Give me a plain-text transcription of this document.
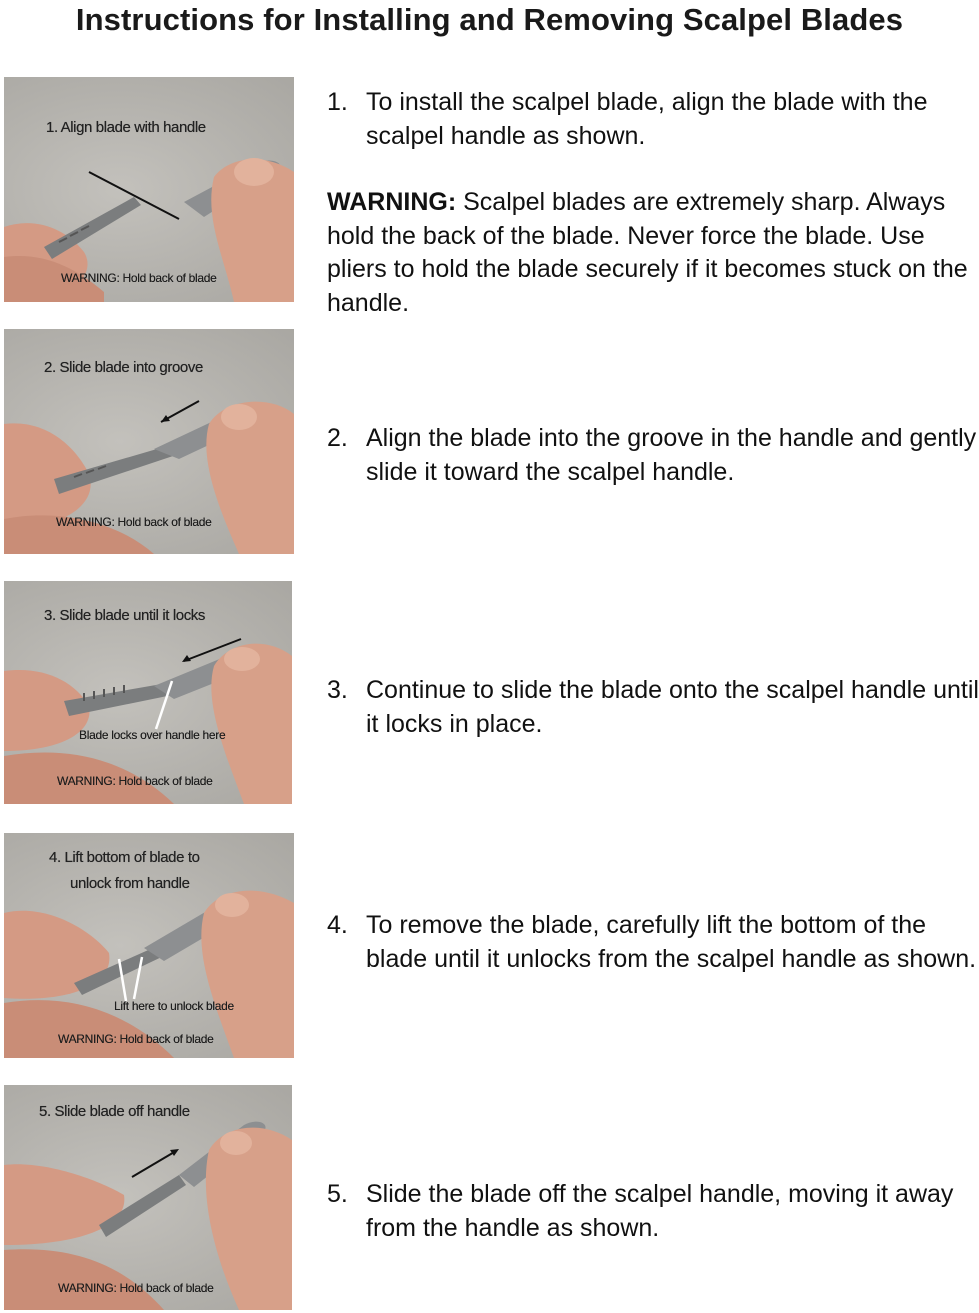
Instructions for Installing and Removing Scalpel Blades
1. Align blade with handle
WARNING: Hold back of blade
2. Slide blade into groove
WARNING: Hold back of blade
3. Slide blade until it locks
Blade locks over handle here
WARNING: Hold back of blade
4. Lift bottom of blade to
unlock from handle
Lift here to unlock blade
WARNING: Hold back of blade
5. Slide blade off handle
WARNING: Hold back of blade
1. To install the scalpel blade, align the blade with the scalpel handle as shown.
WARNING: Scalpel blades are extremely sharp. Always hold the back of the blade. Never force the blade. Use pliers to hold the blade securely if it becomes stuck on the handle.
2. Align the blade into the groove in the handle and gently slide it toward the scalpel handle.
3. Continue to slide the blade onto the scalpel handle until it locks in place.
4. To remove the blade, carefully lift the bottom of the blade until it unlocks from the scalpel handle as shown.
5. Slide the blade off the scalpel handle, moving it away from the handle as shown.
